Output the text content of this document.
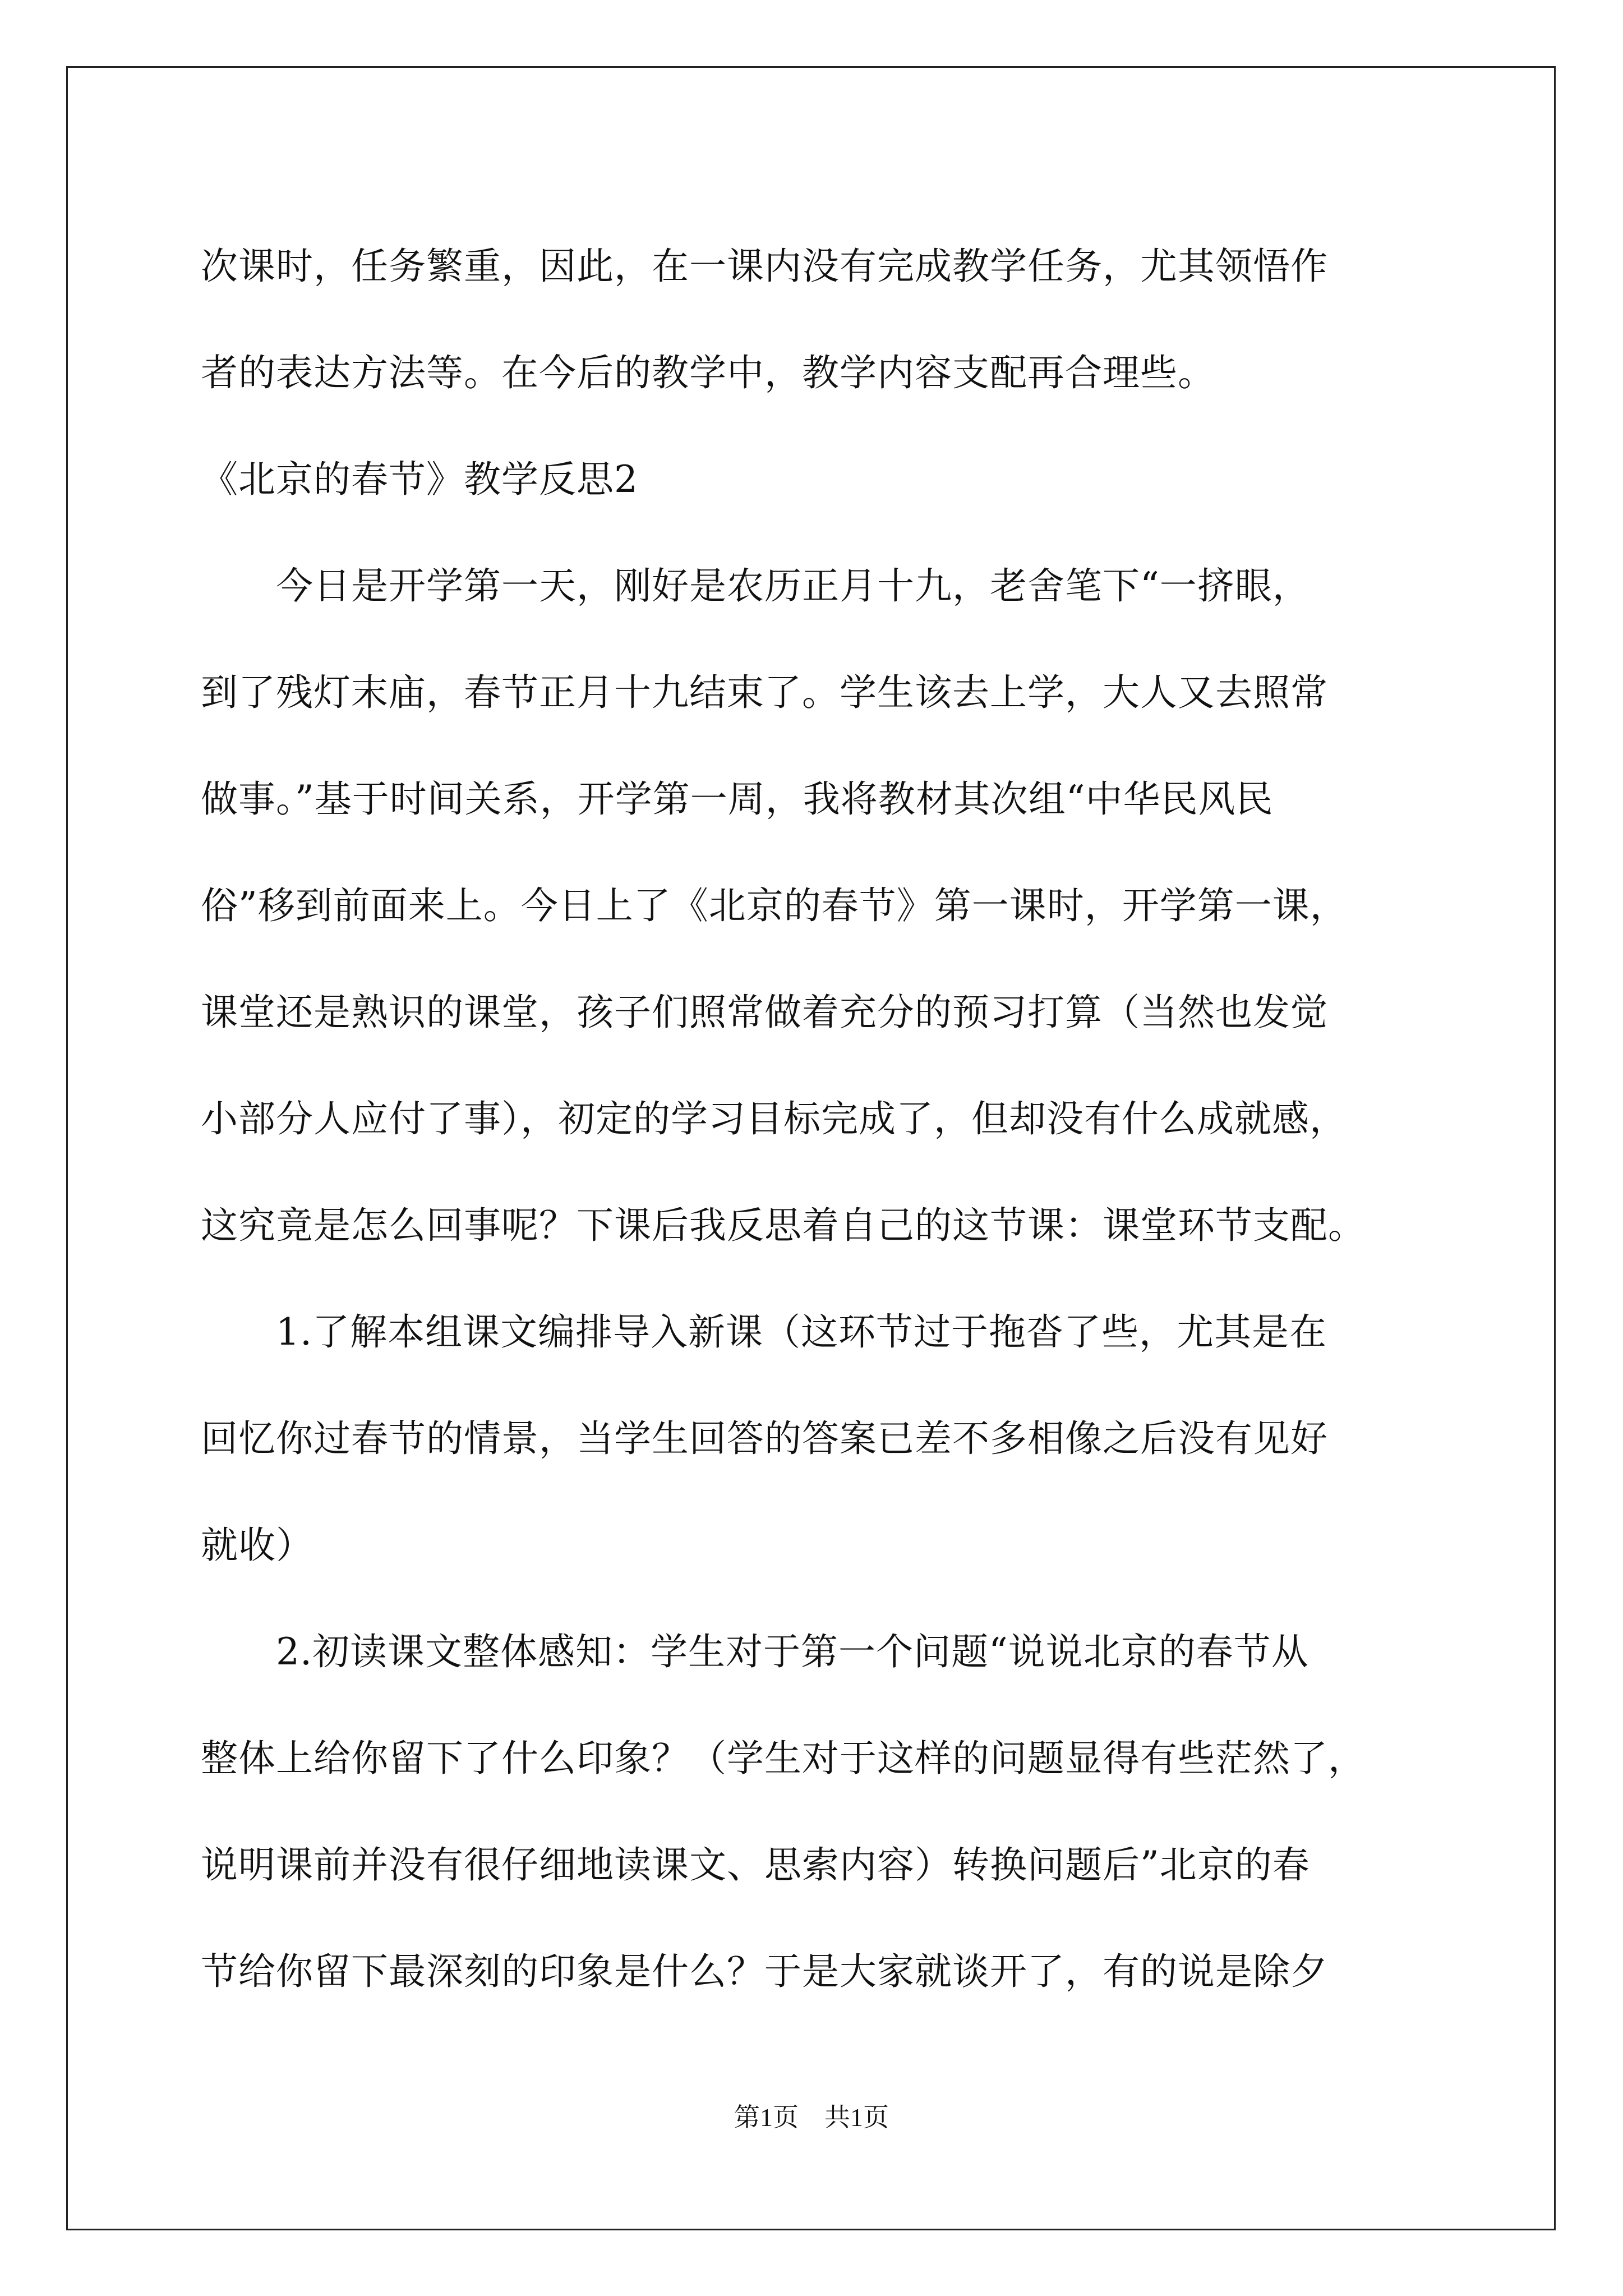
次课时，任务繁重，因此，在一课内没有完成教学任务，尤其领悟作
者的表达方法等。在今后的教学中，教学内容支配再合理些。
《北京的春节》教学反思2
　　今日是开学第一天，刚好是农历正月十九，老舍笔下“一挤眼，
到了残灯末庙，春节正月十九结束了。学生该去上学，大人又去照常
做事。”基于时间关系，开学第一周，我将教材其次组“中华民风民
俗”移到前面来上。今日上了《北京的春节》第一课时，开学第一课，
课堂还是熟识的课堂，孩子们照常做着充分的预习打算（当然也发觉
小部分人应付了事），初定的学习目标完成了，但却没有什么成就感，
这究竟是怎么回事呢？下课后我反思着自己的这节课：课堂环节支配。
　　1.了解本组课文编排导入新课（这环节过于拖沓了些，尤其是在
回忆你过春节的情景，当学生回答的答案已差不多相像之后没有见好
就收）
　　2.初读课文整体感知：学生对于第一个问题“说说北京的春节从
整体上给你留下了什么印象？（学生对于这样的问题显得有些茫然了，
说明课前并没有很仔细地读课文、思索内容）转换问题后”北京的春
节给你留下最深刻的印象是什么？于是大家就谈开了，有的说是除夕
第1页　共1页
